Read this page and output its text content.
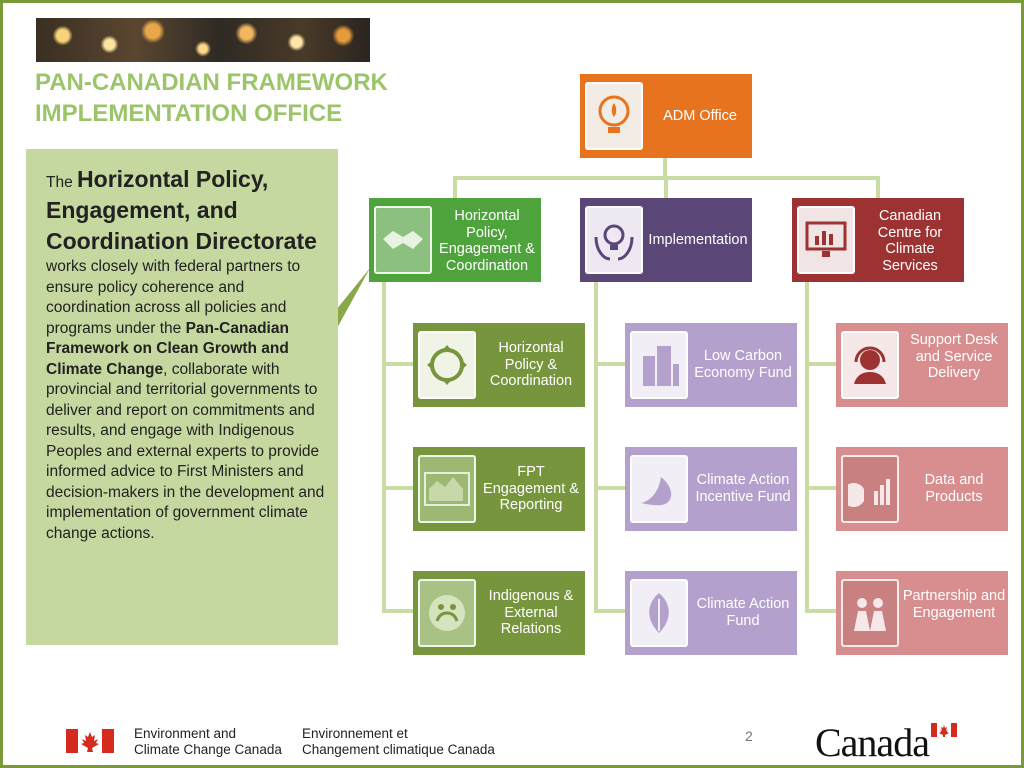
PAN-CANADIAN FRAMEWORK
IMPLEMENTATION OFFICE
The Horizontal Policy, Engagement, and Coordination Directorate works closely with federal partners to ensure policy coherence and coordination across all policies and programs under the Pan-Canadian Framework on Clean Growth and Climate Change, collaborate with provincial and territorial governments to deliver and report on commitments and results, and engage with Indigenous Peoples and external experts to provide informed advice to First Ministers and decision-makers in the development and implementation of government climate change actions.
ADM Office
Horizontal Policy, Engagement & Coordination
Implementation
Canadian Centre for Climate Services
Horizontal Policy & Coordination
FPT Engagement & Reporting
Indigenous & External Relations
Low Carbon Economy Fund
Climate Action Incentive Fund
Climate Action Fund
Support Desk and Service Delivery
Data and Products
Partnership and Engagement
Environment and
Climate Change Canada
Environnement et
Changement climatique Canada
2 Canada
